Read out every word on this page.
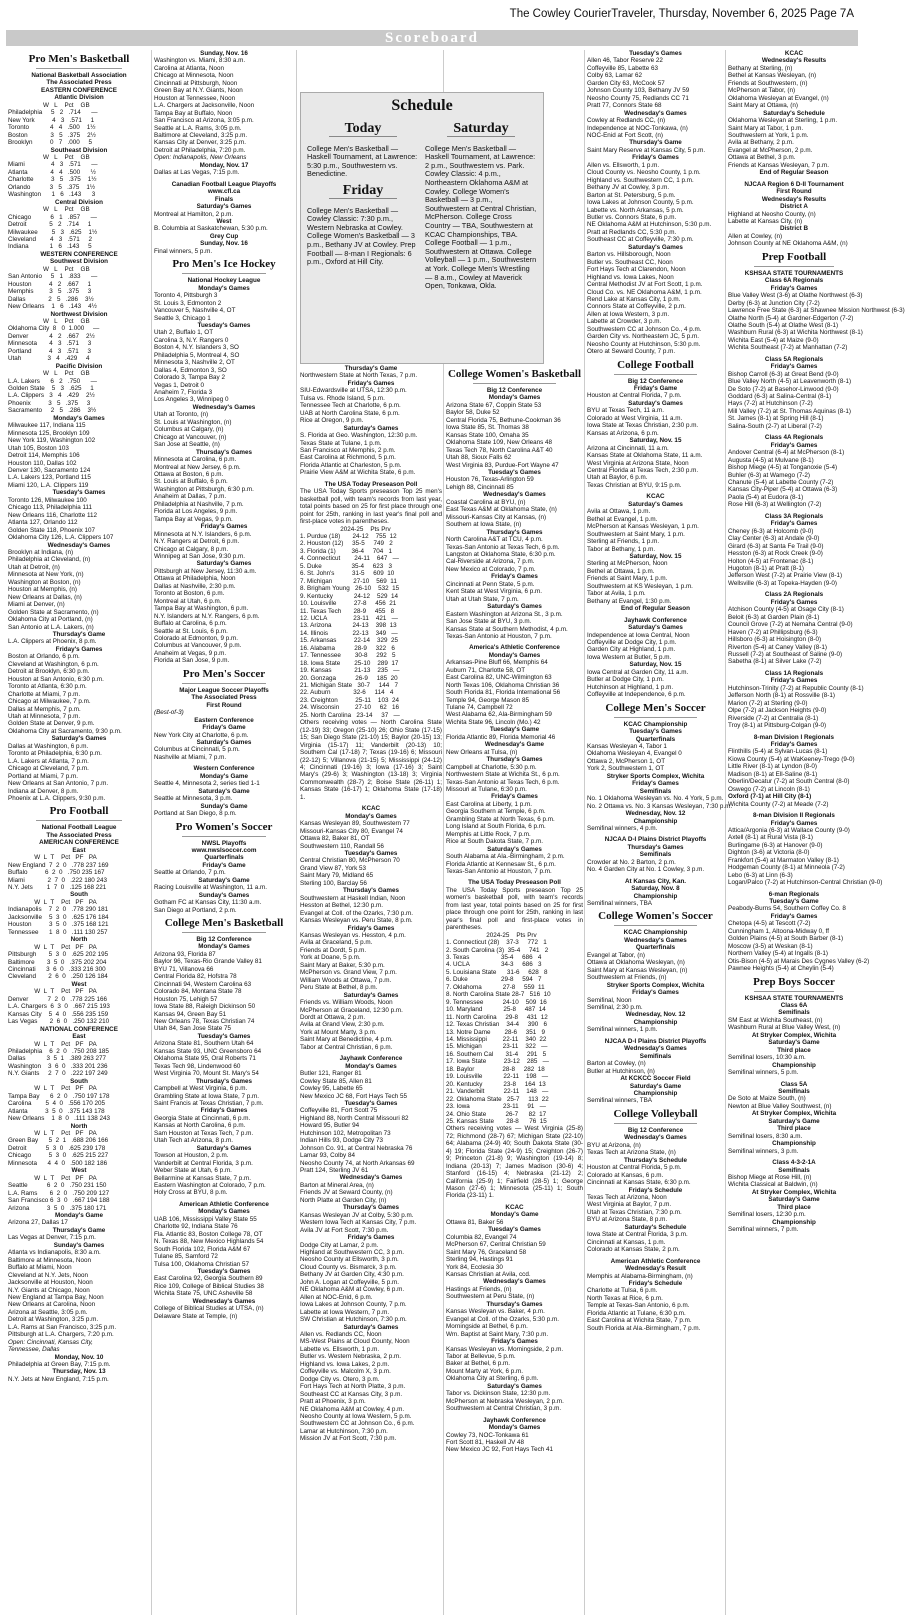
The Cowley CourierTraveler, Thursday, November 6, 2025 Page 7A
Scoreboard
Pro Men's Basketball
National Basketball Association
The Associated Press
EASTERN CONFERENCE
Atlantic Division
W   L    Pct    GB
Philadelphia     5   2   .714      —
New York          4   3   .571     1
Toronto            4   4   .500    1½
Boston             3   5   .375    2½
Brooklyn          0   7   .000     5
Southeast Division
W   L    Pct    GB
Miami               4   3   .571      —
Atlanta             4   4   .500      ½
Charlotte          3   5   .375    1½
Orlando           3   5   .375    1½
Washington      1   6   .143      3
Central Division
W   L    Pct    GB
Chicago           6   1   .857      —
Detroit             5   2   .714     1
Milwaukee        5   3   .625    1½
Cleveland        4   3   .571     2
Indiana            1   6   .143     5
WESTERN CONFERENCE
Southwest Division
W   L    Pct    GB
San Antonio     5   1   .833      —
Houston          4   2   .667     1
Memphis         3   5   .375     3
Dallas             2   5   .286    3½
New Orleans    1   6   .143    4½
Northwest Division
W   L    Pct    GB
Oklahoma City  8   0  1.000     —
Denver            4   2   .667    2½
Minnesota       4   3   .571     3
Portland          4   3   .571     3
Utah               3   4   .429     4
Pacific Division
W   L    Pct    GB
L.A. Lakers      6   2   .750      —
Golden State    5   3   .625     1
L.A. Clippers   3   4   .429    2½
Phoenix          3   5   .375     3
Sacramento     2   5   .286    3½
Monday's Games
Milwaukee 117, Indiana 115
Minnesota 125, Brooklyn 109
New York 119, Washington 102
Utah 105, Boston 103
Detroit 114, Memphis 106
Houston 110, Dallas 102
Denver 130, Sacramento 124
L.A. Lakers 123, Portland 115
Miami 120, L.A. Clippers 119
Tuesday's Games
Toronto 126, Milwaukee 100
Chicago 113, Philadelphia 111
New Orleans 116, Charlotte 112
Atlanta 127, Orlando 112
Golden State 118, Phoenix 107
Oklahoma City 126, L.A. Clippers 107
Wednesday's Games
Brooklyn at Indiana, (n)
Philadelphia at Cleveland, (n)
Utah at Detroit, (n)
Minnesota at New York, (n)
Washington at Boston, (n)
Houston at Memphis, (n)
New Orleans at Dallas, (n)
Miami at Denver, (n)
Golden State at Sacramento, (n)
Oklahoma City at Portland, (n)
San Antonio at L.A. Lakers, (n)
Thursday's Game
L.A. Clippers at Phoenix, 8 p.m.
Friday's Games
Boston at Orlando, 6 p.m.
Cleveland at Washington, 6 p.m.
Detroit at Brooklyn, 6:30 p.m.
Houston at San Antonio, 6:30 p.m.
Toronto at Atlanta, 6:30 p.m.
Charlotte at Miami, 7 p.m.
Chicago at Milwaukee, 7 p.m.
Dallas at Memphis, 7 p.m.
Utah at Minnesota, 7 p.m.
Golden State at Denver, 9 p.m.
Oklahoma City at Sacramento, 9:30 p.m.
Saturday's Games
Dallas at Washington, 6 p.m.
Toronto at Philadelphia, 6:30 p.m.
L.A. Lakers at Atlanta, 7 p.m.
Chicago at Cleveland, 7 p.m.
Portland at Miami, 7 p.m.
New Orleans at San Antonio, 7 p.m.
Indiana at Denver, 8 p.m.
Phoenix at L.A. Clippers, 9:30 p.m.
Pro Football
National Football League
The Associated Press
AMERICAN CONFERENCE
East
W  L  T    Pct   PF   PA
New England  7  2  0   .778 237 169
Buffalo          6  2  0   .750 235 167
Miami             2  7  0   .222 180 243
N.Y. Jets        1  7  0   .125 168 221
South
W  L  T    Pct   PF   PA
Indianapolis    7  2  0   .778 290 181
Jacksonville    5  3  0   .625 176 184
Houston          3  5  0   .375 168 121
Tennessee      1  8  0   .111 130 257
North
W  L  T    Pct   PF   PA
Pittsburgh       5  3  0   .625 202 195
Baltimore       3  5  0   .375 202 204
Cincinnati      3  6  0   .333 216 300
Cleveland       2  6  0   .250 126 184
West
W  L  T    Pct   PF   PA
Denver           7  2  0   .778 225 166
L.A. Chargers  6  3  0   .667 215 193
Kansas City    5  4  0   .556 235 159
Las Vegas       2  6  0   .250 132 210
NATIONAL CONFERENCE
East
W  L  T    Pct   PF   PA
Philadelphia    6  2  0   .750 208 185
Dallas            3  5  1   .389 263 277
Washington    3  6  0   .333 201 236
N.Y. Giants     2  7  0   .222 197 249
South
W  L  T    Pct   PF   PA
Tampa Bay      6  2  0   .750 197 178
Carolina        5  4  0   .556 170 205
Atlanta          3  5  0   .375 143 178
New Orleans    1  8  0   .111 138 243
North
W  L  T    Pct   PF   PA
Green Bay      5  2  1   .688 206 166
Detroit           5  3  0   .625 239 178
Chicago          5  3  0   .625 215 227
Minnesota      4  4  0   .500 182 186
West
W  L  T    Pct   PF   PA
Seattle           6  2  0   .750 231 150
L.A. Rams       6  2  0   .750 209 127
San Francisco 6  3  0   .667 194 188
Arizona          3  5  0   .375 180 171
Monday's Game
Arizona 27, Dallas 17
Thursday's Game
Las Vegas at Denver, 7:15 p.m.
Sunday's Games
Atlanta vs Indianapolis, 8:30 a.m.
Baltimore at Minnesota, Noon
Buffalo at Miami, Noon
Cleveland at N.Y. Jets, Noon
Jacksonville at Houston, Noon
N.Y. Giants at Chicago, Noon
New England at Tampa Bay, Noon
New Orleans at Carolina, Noon
Arizona at Seattle, 3:05 p.m.
Detroit at Washington, 3:25 p.m.
L.A. Rams at San Francisco, 3:25 p.m.
Pittsburgh at L.A. Chargers, 7:20 p.m.
Open: Cincinnati, Kansas City,
Tennessee, Dallas
Monday, Nov. 10
Philadelphia at Green Bay, 7:15 p.m.
Thursday, Nov. 13
N.Y. Jets at New England, 7:15 p.m.
Sunday, Nov. 16
Washington vs. Miami, 8:30 a.m.
Carolina at Atlanta, Noon
Chicago at Minnesota, Noon
Cincinnati at Pittsburgh, Noon
Green Bay at N.Y. Giants, Noon
Houston at Tennessee, Noon
L.A. Chargers at Jacksonville, Noon
Tampa Bay at Buffalo, Noon
San Francisco at Arizona, 3:05 p.m.
Seattle at L.A. Rams, 3:05 p.m.
Baltimore at Cleveland, 3:25 p.m.
Kansas City at Denver, 3:25 p.m.
Detroit at Philadelphia, 7:20 p.m.
Open: Indianapolis, New Orleans
Monday, Nov. 17
Dallas at Las Vegas, 7:15 p.m.
Canadian Football League Playoffs
www.cfl.ca
Finals
Saturday's Games
Montreal at Hamilton, 2 p.m.
West
B. Columbia at Saskatchewan, 5:30 p.m.
Grey Cup
Sunday, Nov. 16
Final winners, 5 p.m.
Pro Men's Ice Hockey
National Hockey League
Monday's Games
Toronto 4, Pittsburgh 3
St. Louis 3, Edmonton 2
Vancouver 5, Nashville 4, OT
Seattle 3, Chicago 1
Tuesday's Games
Utah 2, Buffalo 1, OT
Carolina 3, N.Y. Rangers 0
Boston 4, N.Y. Islanders 3, SO
Philadelphia 5, Montreal 4, SO
Minnesota 3, Nashville 2, OT
Dallas 4, Edmonton 3, SO
Colorado 3, Tampa Bay 2
Vegas 1, Detroit 0
Anaheim 7, Florida 3
Los Angeles 3, Winnipeg 0
Wednesday's Games
Utah at Toronto, (n)
St. Louis at Washington, (n)
Columbus at Calgary, (n)
Chicago at Vancouver, (n)
San Jose at Seattle, (n)
Thursday's Games
Minnesota at Carolina, 6 p.m.
Montreal at New Jersey, 6 p.m.
Ottawa at Boston, 6 p.m.
St. Louis at Buffalo, 6 p.m.
Washington at Pittsburgh, 6:30 p.m.
Anaheim at Dallas, 7 p.m.
Philadelphia at Nashville, 7 p.m.
Florida at Los Angeles, 9 p.m.
Tampa Bay at Vegas, 9 p.m.
Friday's Games
Minnesota at N.Y. Islanders, 6 p.m.
N.Y. Rangers at Detroit, 6 p.m.
Chicago at Calgary, 8 p.m.
Winnipeg at San Jose, 9:30 p.m.
Saturday's Games
Pittsburgh at New Jersey, 11:30 a.m.
Ottawa at Philadelphia, Noon
Dallas at Nashville, 2:30 p.m.
Toronto at Boston, 6 p.m.
Montreal at Utah, 6 p.m.
Tampa Bay at Washington, 6 p.m.
N.Y. Islanders at N.Y. Rangers, 6 p.m.
Buffalo at Carolina, 6 p.m.
Seattle at St. Louis, 6 p.m.
Colorado at Edmonton, 9 p.m.
Columbus at Vancouver, 9 p.m.
Anaheim at Vegas, 9 p.m.
Florida at San Jose, 9 p.m.
Pro Men's Soccer
Major League Soccer Playoffs
The Associated Press
First Round
(Best-of-3)
Eastern Conference
Friday's Game
New York City at Charlotte, 6 p.m.
Saturday's Games
Columbus at Cincinnati, 5 p.m.
Nashville at Miami, 7 p.m.
Western Conference
Monday's Game
Seattle 4, Minnesota 2, series tied 1-1
Saturday's Game
Seattle at Minnesota, 3 p.m.
Sunday's Game
Portland at San Diego, 8 p.m.
Pro Women's Soccer
NWSL Playoffs
www.nwslsoccer.com
Quarterfinals
Friday's Game
Seattle at Orlando, 7 p.m.
Saturday's Game
Racing Louisville at Washington, 11 a.m.
Sunday's Games
Gotham FC at Kansas City, 11:30 a.m.
San Diego at Portland, 2 p.m.
College Men's Basketball
Big 12 Conference
Monday's Games
Arizona 93, Florida 87
Baylor 96, Texas-Rio Grande Valley 81
BYU 71, Villanova 66
Central Florida 82, Hofstra 78
Cincinnati 94, Western Carolina 63
Colorado 84, Montana State 78
Houston 75, Lehigh 57
Iowa State 88, Raleigh Dickinson 50
Kansas 94, Green Bay 51
New Orleans 78, Texas Christian 74
Utah 84, San Jose State 75
Tuesday's Games
Arizona State 81, Southern Utah 64
Kansas State 93, UNC Greensboro 64
Oklahoma State 95, Oral Roberts 71
Texas Tech 98, Lindenwood 60
West Virginia 70, Mount St. Mary's 54
Thursday's Games
Campbell at West Virginia, 6 p.m.
Grambling State at Iowa State, 7 p.m.
Saint Francis at Texas Christian, 7 p.m.
Friday's Games
Georgia State at Cincinnati, 6 p.m.
Kansas at North Carolina, 6 p.m.
Sam Houston at Texas Tech, 7 p.m.
Utah Tech at Arizona, 8 p.m.
Saturday's Games
Towson at Houston, 2 p.m.
Vanderbilt at Central Florida, 3 p.m.
Weber State at Utah, 6 p.m.
Bellarmine at Kansas State, 7 p.m.
Eastern Washington at Colorado, 7 p.m.
Holy Cross at BYU, 8 p.m.
American Athletic Conference
Monday's Games
UAB 106, Mississippi Valley State 55
Charlotte 92, Indiana State 76
Fla. Atlantic 83, Boston College 78, OT
N. Texas 88, New Mexico Highlands 54
South Florida 102, Florida A&M 67
Tulane 85, Samford 72
Tulsa 100, Oklahoma Christian 57
Tuesday's Games
East Carolina 92, Georgia Southern 89
Rice 109, College of Biblical Studies 38
Wichita State 75, UNC Asheville 58
Wednesday's Games
College of Biblical Studies at UTSA, (n)
Delaware State at Temple, (n)
Thursday's Game
Northwestern State at North Texas, 7 p.m.
Friday's Games
SIU-Edwardsville at UTSA, 12:30 p.m.
Tulsa vs. Rhode Island, 5 p.m.
Tennessee Tech at Charlotte, 6 p.m.
UAB at North Carolina State, 6 p.m.
Rice at Oregon, 9 p.m.
Saturday's Games
S. Florida at Geo. Washington, 12:30 p.m.
Texas State at Tulane, 1 p.m.
San Francisco at Memphis, 2 p.m.
East Carolina at Richmond, 5 p.m.
Florida Atlantic at Charleston, 5 p.m.
Prairie View A&M at Wichita State, 6 p.m.
The USA Today Preseason Poll
The USA Today Sports preseason Top 25 men's basketball poll, with team's records from last year, total points based on 25 for first place through one point for 25th, ranking in last year's final poll and first-place votes in parentheses.
2024-25    Pts Prv
1. Purdue (18)       24-12    755  12
2. Houston (12)     35-5     749   2
3. Florida (1)         36-4     704   1
4. Connecticut        24-11    647   —
5. Duke                 35-4     623   3
6. St. John's          31-5     609  10
7. Michigan            27-10    569  11
8. Brigham Young   26-10    532  15
9. Kentucky            24-12    529  14
10. Louisville          27-8     456  21
11. Texas Tech       28-9     455   8
12. UCLA               23-11    421   —
13. Arizona            24-13    398  13
14. Illinois              22-13    349   —
15. Arkansas          22-14    329  25
16. Alabama           28-9     322   6
17. Tennessee        30-8     292   5
18. Iowa State        25-10    289  17
19. Kansas             21-13    235   —
20. Gonzaga           26-9     185  20
21. Michigan State   30-7     144   7
22. Auburn             32-6     114   4
23. Creighton          25-11    103  24
24. Wisconsin         27-10     62   16
25. North Carolina   23-14     37   —
Others receiving votes — North Carolina State (12-19) 33; Oregon (25-10) 26; Ohio State (17-15) 15; San Diego State (21-10) 15; Baylor (20-15) 13; Virginia (15-17) 11; Vanderbilt (20-13) 10; Southern Cal (17-18) 7; Texas (19-16) 6; Missouri (22-12) 5; Villanova (21-15) 5; Mississippi (24-12) 4; Cincinnati (19-16) 3; Iowa (17-16) 3; Saint Mary's (29-6) 3; Washington (13-18) 3; Virginia Commonwealth (28-7) 2; Boise State (26-11) 1; Kansas State (16-17) 1; Oklahoma State (17-18) 1.
KCAC
Monday's Games
Kansas Wesleyan 89, Southwestern 77
Missouri-Kansas City 80, Evangel 74
Ottawa 82, Baker 81, OT
Southwestern 110, Randall 56
Tuesday's Games
Central Christian 80, McPherson 70
Grand View 87, York 53
Saint Mary 79, Midland 65
Sterling 100, Barclay 56
Thursday's Games
Southwestern at Haskell Indian, Noon
Hesston at Bethel, 12:30 p.m.
Evangel at Coll. of the Ozarks, 7:30 p.m.
Kansas Wesleyan vs. Peru State, 8 p.m.
Friday's Games
Kansas Wesleyan vs. Hesston, 4 p.m.
Avila at Graceland, 5 p.m.
Friends at Dordt, 5 p.m.
York at Doane, 5 p.m.
Saint Mary at Baker, 5:30 p.m.
McPherson vs. Grand View, 7 p.m.
William Woods at Ottawa, 7 p.m.
Peru State at Bethel, 8 p.m.
Saturday's Games
Friends vs. William Woods, Noon
McPherson at Graceland, 12:30 p.m.
Dordt at Ottawa, 2 p.m.
Avila at Grand View, 2:30 p.m.
York at Mount Marty, 3 p.m.
Saint Mary at Benedictine, 4 p.m.
Tabor at Central Christian, 6 p.m.
Jayhawk Conference
Monday's Games
Butler 121, Ranger 81
Cowley State 85, Allen 81
Cowley 95, Labette 65
New Mexico JC 68, Fort Hays Tech 55
Tuesday's Games
Coffeyville 81, Fort Scott 75
Highland 88, North Central Missouri 82
Howard 95, Butler 94
Hutchinson 102, Metropolitan 73
Indian Hills 93, Dodge City 73
Johnson Co. 91, at Central Nebraska 76
Lamar 93, Colby 84
Neosho County 74, at North Arkansas 69
Pratt 124, Sterling JV 61
Wednesday's Games
Barton at Mineral Area, (n)
Friends JV at Seward County, (n)
North Platte at Garden City, (n)
Thursday's Games
Kansas Wesleyan JV at Colby, 5:30 p.m.
Western Iowa Tech at Kansas City, 7 p.m.
Avila JV at Fort Scott, 7:30 p.m.
Friday's Games
Dodge City at Lamar, 2 p.m.
Highland at Southwestern CC, 3 p.m.
Neosho County at Ellsworth, 3 p.m.
Cloud County vs. Bismarck, 3 p.m.
Bethany JV at Garden City, 4:30 p.m.
John A. Logan at Coffeyville, 5 p.m.
NE Oklahoma A&M at Cowley, 6 p.m.
Allen at NOC-Enid, 6 p.m.
Iowa Lakes at Johnson County, 7 p.m.
Labette at Iowa Western, 7 p.m.
SW Christian at Hutchinson, 7:30 p.m.
Saturday's Games
Allen vs. Redlands CC, Noon
MS-West Plains at Cloud County, Noon
Labette vs. Ellsworth, 1 p.m.
Butler vs. Western Nebraska, 2 p.m.
Highland vs. Iowa Lakes, 2 p.m.
Coffeyville vs. Malcolm X, 3 p.m.
Dodge City vs. Otero, 3 p.m.
Fort Hays Tech at North Platte, 3 p.m.
Southeast CC at Kansas City, 3 p.m.
Pratt at Phoenix, 3 p.m.
NE Oklahoma A&M at Cowley, 4 p.m.
Neosho County at Iowa Western, 5 p.m.
Southwestern CC at Johnson Co., 6 p.m.
Lamar at Hutchinson, 7:30 p.m.
Mission JV at Fort Scott, 7:30 p.m.
College Women's Basketball
Big 12 Conference
Monday's Games
Arizona State 67, Coppin State 53
Baylor 58, Duke 52
Central Florida 75, Bethune-Cookman 36
Iowa State 85, St. Thomas 38
Kansas State 100, Omaha 35
Oklahoma State 109, New Orleans 48
Texas Tech 78, North Carolina A&T 40
Utah 88, Sioux Falls 62
West Virginia 83, Purdue-Fort Wayne 47
Tuesday's Games
Houston 76, Texas-Arlington 59
Lehigh 88, Cincinnati 85
Wednesday's Games
Coastal Carolina at BYU, (n)
East Texas A&M at Oklahoma State, (n)
Missouri-Kansas City at Kansas, (n)
Southern at Iowa State, (n)
Thursday's Games
North Carolina A&T at TCU, 4 p.m.
Texas-San Antonio at Texas Tech, 6 p.m.
Langston at Oklahoma State, 6:30 p.m.
Cal-Riverside at Arizona, 7 p.m.
New Mexico at Colorado, 7 p.m.
Friday's Games
Cincinnati at Penn State, 5 p.m.
Kent State at West Virginia, 6 p.m.
Utah at Utah State, 7 p.m.
Saturday's Games
Eastern Washington at Arizona St., 3 p.m.
San Jose State at BYU, 3 p.m.
Kansas State at Southern Methodist, 4 p.m.
Texas-San Antonio at Houston, 7 p.m.
America's Athletic Conference
Monday's Games
Arkansas-Pine Bluff 66, Memphis 64
Auburn 71, Charlotte 58, OT
East Carolina 82, UNC-Wilmington 63
North Texas 106, Oklahoma Christian 36
South Florida 81, Florida International 56
Temple 94, George Mason 85
Tulane 74, Campbell 72
West Alabama 62, Ala-Birmingham 59
Wichita State 96, Lincoln (Mo.) 42
Tuesday's Game
Florida Atlantic 89, Florida Memorial 46
Wednesday's Game
New Orleans at Tulsa, (n)
Thursday's Games
Campbell at Charlotte, 5:30 p.m.
Northwestern State at Wichita St., 6 p.m.
Texas-San Antonio at Texas Tech, 6 p.m.
Missouri at Tulane, 6:30 p.m.
Friday's Games
East Carolina at Liberty, 1 p.m.
Georgia Southern at Temple, 6 p.m.
Grambling State at North Texas, 6 p.m.
Long Island at South Florida, 6 p.m.
Memphis at Little Rock, 7 p.m.
Rice at South Dakota State, 7 p.m.
Saturday's Games
South Alabama at Ala.-Birmingham, 2 p.m.
Florida Atlantic at Kennesaw St., 6 p.m.
Texas-San Antonio at Houston, 7 p.m.
The USA Today Preseason Poll
The USA Today Sports preseason Top 25 women's basketball poll, with team's records from last year, total points based on 25 for first place through one point for 25th, ranking in last year's final poll and first-place votes in parentheses.
2024-25    Pts Prv
1. Connecticut (28)    37-3     772   1
2. South Carolina (3)  35-4     741   2
3. Texas                  35-4     686   4
4. UCLA                  34-3     686   3
5. Louisiana State      31-6     628   8
6. Duke                   29-8     594   7
7. Oklahoma            27-8     559  11
8. North Carolina State 28-7   516  10
9. Tennessee           24-10    509  16
10. Maryland            25-8     487  14
11. North Carolina     29-8     431  12
12. Texas Christian    34-4     390   6
13. Notre Dame        28-6     351   9
14. Mississippi         22-11    340  22
15. Michigan            23-11    322   —
16. Southern Cal       31-4     291   5
17. Iowa State          23-12    285   —
18. Baylor                28-8     282  18
19. Louisville            22-11    198   —
20. Kentucky            23-8     164  13
21. Vanderbilt           22-11    148   —
22. Oklahoma State   25-7     113  22
23. Iowa                   23-11     91   —
24. Ohio State           26-7      82  17
25. Kansas State       28-8      76  15
Others receiving votes — West Virginia (25-8) 72; Richmond (28-7) 67; Michigan State (22-10) 64; Alabama (24-9) 40; South Dakota State (30-4) 19; Florida State (24-9) 15; Creighton (26-7) 9; Princeton (21-8) 9; Washington (19-14) 8; Indiana (20-13) 7; James Madison (30-6) 4; Stanford (16-15) 4; Nebraska (21-12) 2; California (25-9) 1; Fairfield (28-5) 1; George Mason (27-6) 1; Minnesota (25-11) 1; South Florida (23-11) 1.
KCAC
Monday's Game
Ottawa 81, Baker 56
Tuesday's Games
Columbia 82, Evangel 74
McPherson 67, Central Christian 59
Saint Mary 76, Graceland 58
Sterling 94, Hastings 91
York 84, Ecclesia 30
Kansas Christian at Avila, ccd.
Wednesday's Games
Hastings at Friends, (n)
Southwestern at Peru State, (n)
Thursday's Games
Kansas Wesleyan vs. Baker, 4 p.m.
Evangel at Coll. of the Ozarks, 5:30 p.m.
Morningside at Bethel, 6 p.m.
Wm. Baptist at Saint Mary, 7:30 p.m.
Friday's Games
Kansas Wesleyan vs. Morningside, 2 p.m.
Tabor at Bellevue, 5 p.m.
Baker at Bethel, 6 p.m.
Mount Marty at York, 6 p.m.
Oklahoma City at Sterling, 6 p.m.
Saturday's Games
Tabor vs. Dickinson State, 12:30 p.m.
McPherson at Nebraska Wesleyan, 2 p.m.
Southwestern at Central Christian, 3 p.m.
Jayhawk Conference
Monday's Games
Cowley 73, NOC-Tonkawa 61
Fort Scott 81, Haskell JV 48
New Mexico JC 92, Fort Hays Tech 41
Tuesday's Games
Allen 46, Tabor Reserve 22
Coffeyville 85, Labette 63
Colby 63, Lamar 62
Garden City 63, McCook 57
Johnson County 103, Bethany JV 59
Neosho County 75, Redlands CC 71
Pratt 77, Connors State 68
Wednesday's Games
Cowley at Redlands CC, (n)
Independence at NOC-Tonkawa, (n)
NOC-Enid at Fort Scott, (n)
Thursday's Game
Saint Mary Reserve at Kansas City, 5 p.m.
Friday's Games
Allen vs. Ellsworth, 1 p.m.
Cloud County vs. Neosho County, 1 p.m.
Highland vs. Southwestern CC, 1 p.m.
Bethany JV at Cowley, 3 p.m.
Barton at St. Petersburg, 5 p.m.
Iowa Lakes at Johnson County, 5 p.m.
Labette vs. North Arkansas, 5 p.m.
Butler vs. Connors State, 6 p.m.
NE Oklahoma A&M at Hutchinson, 5:30 p.m.
Pratt at Redlands CC, 5:30 p.m.
Southeast CC at Coffeyville, 7:30 p.m.
Saturday's Games
Barton vs. Hillsborough, Noon
Butler vs. Southeast CC, Noon
Fort Hays Tech at Clarendon, Noon
Highland vs. Iowa Lakes, Noon
Central Methodist JV at Fort Scott, 1 p.m.
Cloud Co. vs. NE Oklahoma A&M, 1 p.m.
Rend Lake at Kansas City, 1 p.m.
Connors State at Coffeyville, 2 p.m.
Allen at Iowa Western, 3 p.m.
Labette at Crowder, 3 p.m.
Southwestern CC at Johnson Co., 4 p.m.
Garden City vs. Northeastern JC, 5 p.m.
Neosho County at Hutchinson, 5:30 p.m.
Otero at Seward County, 7 p.m.
College Football
Big 12 Conference
Friday's Game
Houston at Central Florida, 7 p.m.
Saturday's Games
BYU at Texas Tech, 11 a.m.
Colorado at West Virginia, 11 a.m.
Iowa State at Texas Christian, 2:30 p.m.
Kansas at Arizona, 6 p.m.
Saturday, Nov. 15
Arizona at Cincinnati, 11 a.m.
Kansas State at Oklahoma State, 11 a.m.
West Virginia at Arizona State, Noon
Central Florida at Texas Tech, 2:30 p.m.
Utah at Baylor, 6 p.m.
Texas Christian at BYU, 9:15 p.m.
KCAC
Saturday's Games
Avila at Ottawa, 1 p.m.
Bethel at Evangel, 1 p.m.
McPherson at Kansas Wesleyan, 1 p.m.
Southwestern at Saint Mary, 1 p.m.
Sterling at Friends, 1 p.m.
Tabor at Bethany, 1 p.m.
Saturday, Nov. 15
Sterling at McPherson, Noon
Bethel at Ottawa, 1 p.m.
Friends at Saint Mary, 1 p.m.
Southwestern at KS Wesleyan, 1 p.m.
Tabor at Avila, 1 p.m.
Bethany at Evangel, 1:30 p.m.
End of Regular Season
Jayhawk Conference
Saturday's Games
Independence at Iowa Central, Noon
Coffeyville at Dodge City, 1 p.m.
Garden City at Highland, 1 p.m.
Iowa Western at Butler, 5 p.m.
Saturday, Nov. 15
Iowa Central at Garden City, 11 a.m.
Butler at Dodge City, 1 p.m.
Hutchinson at Highland, 1 p.m.
Coffeyville at Independence, 6 p.m.
College Men's Soccer
KCAC Championship
Tuesday's Games
Quarterfinals
Kansas Wesleyan 4, Tabor 1
Oklahoma Wesleyan 4, Evangel 0
Ottawa 2, McPherson 1, OT
York 2, Southwestern 1, OT
Stryker Sports Complex, Wichita
Friday's Games
Semifinals
No. 1 Oklahoma Wesleyan vs. No. 4 York, 5 p.m.
No. 2 Ottawa vs. No. 3 Kansas Wesleyan, 7:30 p.m.
Wednesday, Nov. 12
Championship
Semifinal winners, 4 p.m.
NJCAA D-I Plains District Playoffs
Thursday's Games
Semifinals
Crowder at No. 2 Barton, 2 p.m.
No. 4 Garden City at No. 1 Cowley, 3 p.m.
At Kansas City, Kan.
Saturday, Nov. 8
Championship
Semifinal winners, TBA
College Women's Soccer
KCAC Championship
Wednesday's Games
Quarterfinals
Evangel at Tabor, (n)
Ottawa at Oklahoma Wesleyan, (n)
Saint Mary at Kansas Wesleyan, (n)
Southwestern at Friends, (n)
Stryker Sports Complex, Wichita
Friday's Games
Semifinal, Noon
Semifinal, 2:30 p.m.
Wednesday, Nov. 12
Championship
Semifinal winners, 1 p.m.
NJCAA D-I Plains District Playoffs
Wednesday's Games
Semifinals
Barton at Cowley, (n)
Butler at Hutchinson, (n)
At KCKCC Soccer Field
Saturday's Game
Championship
Semifinal winners, TBA
College Volleyball
Big 12 Conference
Wednesday's Games
BYU at Arizona, (n)
Texas Tech at Arizona State, (n)
Thursday's Schedule
Houston at Central Florida, 5 p.m.
Colorado at Kansas, 6 p.m.
Cincinnati at Kansas State, 6:30 p.m.
Friday's Schedule
Texas Tech at Arizona, Noon
West Virginia at Baylor, 7 p.m.
Utah at Texas Christian, 7:30 p.m.
BYU at Arizona State, 8 p.m.
Saturday's Schedule
Iowa State at Central Florida, 3 p.m.
Cincinnati at Kansas, 1 p.m.
Colorado at Kansas State, 2 p.m.
American Athletic Conference
Wednesday's Result
Memphis at Alabama-Birmingham, (n)
Friday's Schedule
Charlotte at Tulsa, 6 p.m.
North Texas at Rice, 6 p.m.
Temple at Texas-San Antonio, 6 p.m.
Florida Atlantic at Tulane, 6:30 p.m.
East Carolina at Wichita State, 7 p.m.
South Florida at Ala.-Birmingham, 7 p.m.
KCAC
Wednesday's Results
Bethany at Sterling, (n)
Bethel at Kansas Wesleyan, (n)
Friends at Southwestern, (n)
McPherson at Tabor, (n)
Oklahoma Wesleyan at Evangel, (n)
Saint Mary at Ottawa, (n)
Saturday's Schedule
Oklahoma Wesleyan at Sterling, 1 p.m.
Saint Mary at Tabor, 1 p.m.
Southwestern at York, 1 p.m.
Avila at Bethany, 2 p.m.
Evangel at McPherson, 2 p.m.
Ottawa at Bethel, 3 p.m.
Friends at Kansas Wesleyan, 7 p.m.
End of Regular Season
NJCAA Region 6 D-II Tournament
First Round
Wednesday's Results
District A
Highland at Neosho County, (n)
Labette at Kansas City, (n)
District B
Allen at Cowley, (n)
Johnson County at NE Oklahoma A&M, (n)
Prep Football
KSHSAA STATE TOURNAMENTS
Class 6A Regionals
Friday's Games
Blue Valley West (3-6) at Olathe Northwest (6-3)
Derby (6-3) at Junction City (7-2)
Lawrence Free State (6-3) at Shawnee Mission Northwest (6-3)
Olathe North (5-4) at Gardner-Edgerton (7-2)
Olathe South (5-4) at Olathe West (8-1)
Washburn Rural (6-3) at Wichita Northwest (8-1)
Wichita East (5-4) at Maize (9-0)
Wichita Southeast (7-2) at Manhattan (7-2)
Class 5A Regionals
Friday's Games
Bishop Carroll (6-3) at Great Bend (9-0)
Blue Valley North (4-5) at Leavenworth (8-1)
De Soto (7-2) at Basehor-Linwood (9-0)
Goddard (6-3) at Salina-Central (8-1)
Hays (7-2) at Hutchinson (7-2)
Mill Valley (7-2) at St. Thomas Aquinas (8-1)
St. James (8-1) at Spring Hill (8-1)
Salina-South (2-7) at Liberal (7-2)
Class 4A Regionals
Friday's Games
Andover Central (6-4) at McPherson (8-1)
Augusta (4-5) at Mulvane (8-1)
Bishop Miege (4-5) at Tonganoxie (5-4)
Buhler (6-3) at Wamego (7-2)
Chanute (5-4) at Labette County (7-2)
Kansas City-Piper (5-4) at Ottawa (6-3)
Paola (5-4) at Eudora (8-1)
Rose Hill (6-3) at Wellington (7-2)
Class 3A Regionals
Friday's Games
Cheney (6-3) at Holcomb (9-0)
Clay Center (6-3) at Andale (9-0)
Girard (6-3) at Santa Fe Trail (9-0)
Hesston (6-3) at Rock Creek (9-0)
Holton (4-5) at Frontenac (8-1)
Hugoton (8-1) at Pratt (8-1)
Jefferson West (7-2) at Prairie View (8-1)
Wellsville (6-3) at Topeka-Hayden (9-0)
Class 2A Regionals
Friday's Games
Atchison County (4-5) at Osage City (8-1)
Beloit (6-3) at Garden Plain (8-1)
Council Grove (7-2) at Nemaha Central (9-0)
Haven (7-2) at Phillipsburg (6-3)
Hillsboro (6-3) at Hoisington (8-0)
Riverton (5-4) at Caney Valley (8-1)
Russell (7-2) at Southeast of Saline (9-0)
Sabetha (8-1) at Silver Lake (7-2)
Class 1A Regionals
Friday's Games
Hutchinson-Trinity (7-2) at Republic County (8-1)
Jefferson North (8-1) at Rossville (8-1)
Marion (7-2) at Sterling (9-0)
Olpe (7-2) at Jackson Heights (9-0)
Riverside (7-2) at Centralia (8-1)
Troy (8-1) at Pittsburg-Colgan (9-0)
8-man Division I Regionals
Friday's Games
Flinthills (5-4) at Sylvan-Lucas (8-1)
Kiowa County (5-4) at WaKeeney-Trego (9-0)
Little River (8-1) at Lyndon (8-0)
Madison (8-1) at Ell-Saline (8-1)
Oberlin/Decatur (7-2) at South Central (8-0)
Oswego (7-2) at Lincoln (8-1)
Oxford (7-1) at Hill City (8-1)
Wichita County (7-2) at Meade (7-2)
8-man Division II Regionals
Friday's Games
Attica/Argonia (6-3) at Wallace County (9-0)
Axtell (8-1) at Rural Vista (8-1)
Burlingame (6-3) at Hanover (9-0)
Dighton (3-6) at Victoria (8-0)
Frankfort (5-4) at Marmaton Valley (8-1)
Hodgeman County (8-1) at Minneola (7-2)
Lebo (6-3) at Linn (6-3)
Logan/Palco (7-2) at Hutchinson-Central Christian (9-0)
6-man Regionals
Tuesday's Game
Peabody-Burns 54, Southern Coffey Co. 8
Friday's Games
Chetopa (4-5) at Tescott (7-2)
Cunningham 1, Altoona-Midway 0, ff
Golden Plains (4-5) at South Barber (8-1)
Moscow (3-5) at Weskan (8-1)
Northern Valley (5-4) at Ingalls (8-1)
Otis-Bison (4-5) at Marais Des Cygnes Valley (6-2)
Pawnee Heights (5-4) at Cheylin (5-4)
Prep Boys Soccer
KSHSAA STATE TOURNAMENTS
Class 6A
Semifinals
SM East at Wichita Southeast, (n)
Washburn Rural at Blue Valley West, (n)
At Stryker Complex, Wichita
Saturday's Game
Third place
Semifinal losers, 10:30 a.m.
Championship
Semifinal winners, 5 p.m.
Class 5A
Semifinals
De Soto at Maize South, (n)
Newton at Blue Valley Southwest, (n)
At Stryker Complex, Wichita
Saturday's Game
Third place
Semifinal losers, 8:30 a.m.
Championship
Semifinal winners, 3 p.m.
Class 4-3-2-1A
Semifinals
Bishop Miege at Rose Hill, (n)
Wichita Classical at Baldwin, (n)
At Stryker Complex, Wichita
Saturday's Game
Third place
Semifinal losers, 12:30 p.m.
Championship
Semifinal winners, 7 p.m.
Schedule
Today

College Men's Basketball — Haskell Tournament, at Lawrence: 5:30 p.m., Southwestern vs. Benedictine.

Friday

College Men's Basketball — Cowley Classic: 7:30 p.m., Western Nebraska at Cowley. College Women's Basketball — 3 p.m., Bethany JV at Cowley. Prep Football — 8-man I Regionals: 6 p.m., Oxford at Hill City.

Saturday

College Men's Basketball — Haskell Tournament, at Lawrence: 2 p.m., Southwestern vs. Park. Cowley Classic: 4 p.m., Northeastern Oklahoma A&M at Cowley. College Women's Basketball — 3 p.m., Southwestern at Central Christian, McPherson. College Cross Country — TBA, Southwestern at KCAC Championships, TBA. College Football — 1 p.m., Southwestern at Ottawa. College Volleyball — 1 p.m., Southwestern at York. College Men's Wrestling — 8 a.m., Cowley at Maverick Open, Tonkawa, Okla.
